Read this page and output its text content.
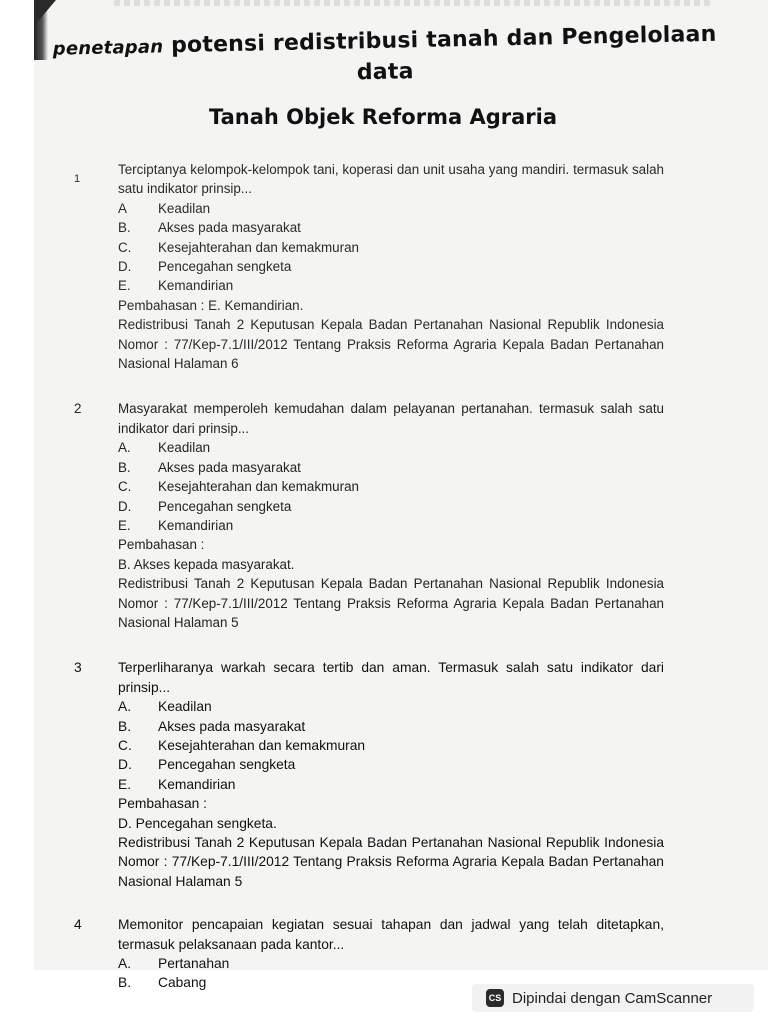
penetapan potensi redistribusi tanah dan Pengelolaan data
Tanah Objek Reforma Agraria
1
Terciptanya kelompok-kelompok tani, koperasi dan unit usaha yang mandiri. termasuk salah satu indikator prinsip...
A	Keadilan
B.	Akses pada masyarakat
C.	Kesejahterahan dan kemakmuran
D.	Pencegahan sengketa
E.	Kemandirian
Pembahasan : E. Kemandirian.
Redistribusi Tanah 2 Keputusan Kepala Badan Pertanahan Nasional Republik Indonesia Nomor : 77/Kep-7.1/III/2012 Tentang Praksis Reforma Agraria Kepala Badan Pertanahan Nasional Halaman 6
2	Masyarakat memperoleh kemudahan dalam pelayanan pertanahan. termasuk salah satu indikator dari prinsip...
A.	Keadilan
B.	Akses pada masyarakat
C.	Kesejahterahan dan kemakmuran
D.	Pencegahan sengketa
E.	Kemandirian
Pembahasan :
B. Akses kepada masyarakat.
Redistribusi Tanah 2 Keputusan Kepala Badan Pertanahan Nasional Republik Indonesia Nomor : 77/Kep-7.1/III/2012 Tentang Praksis Reforma Agraria Kepala Badan Pertanahan Nasional Halaman 5
3	Terperliharanya warkah secara tertib dan aman. Termasuk salah satu indikator dari prinsip...
A.	Keadilan
B.	Akses pada masyarakat
C.	Kesejahterahan dan kemakmuran
D.	Pencegahan sengketa
E.	Kemandirian
Pembahasan :
D. Pencegahan sengketa.
Redistribusi Tanah 2 Keputusan Kepala Badan Pertanahan Nasional Republik Indonesia Nomor : 77/Kep-7.1/III/2012 Tentang Praksis Reforma Agraria Kepala Badan Pertanahan Nasional Halaman 5
4	Memonitor pencapaian kegiatan sesuai tahapan dan jadwal yang telah ditetapkan, termasuk pelaksanaan pada kantor...
A.	Pertanahan
B.	Cabang
CS Dipindai dengan CamScanner
